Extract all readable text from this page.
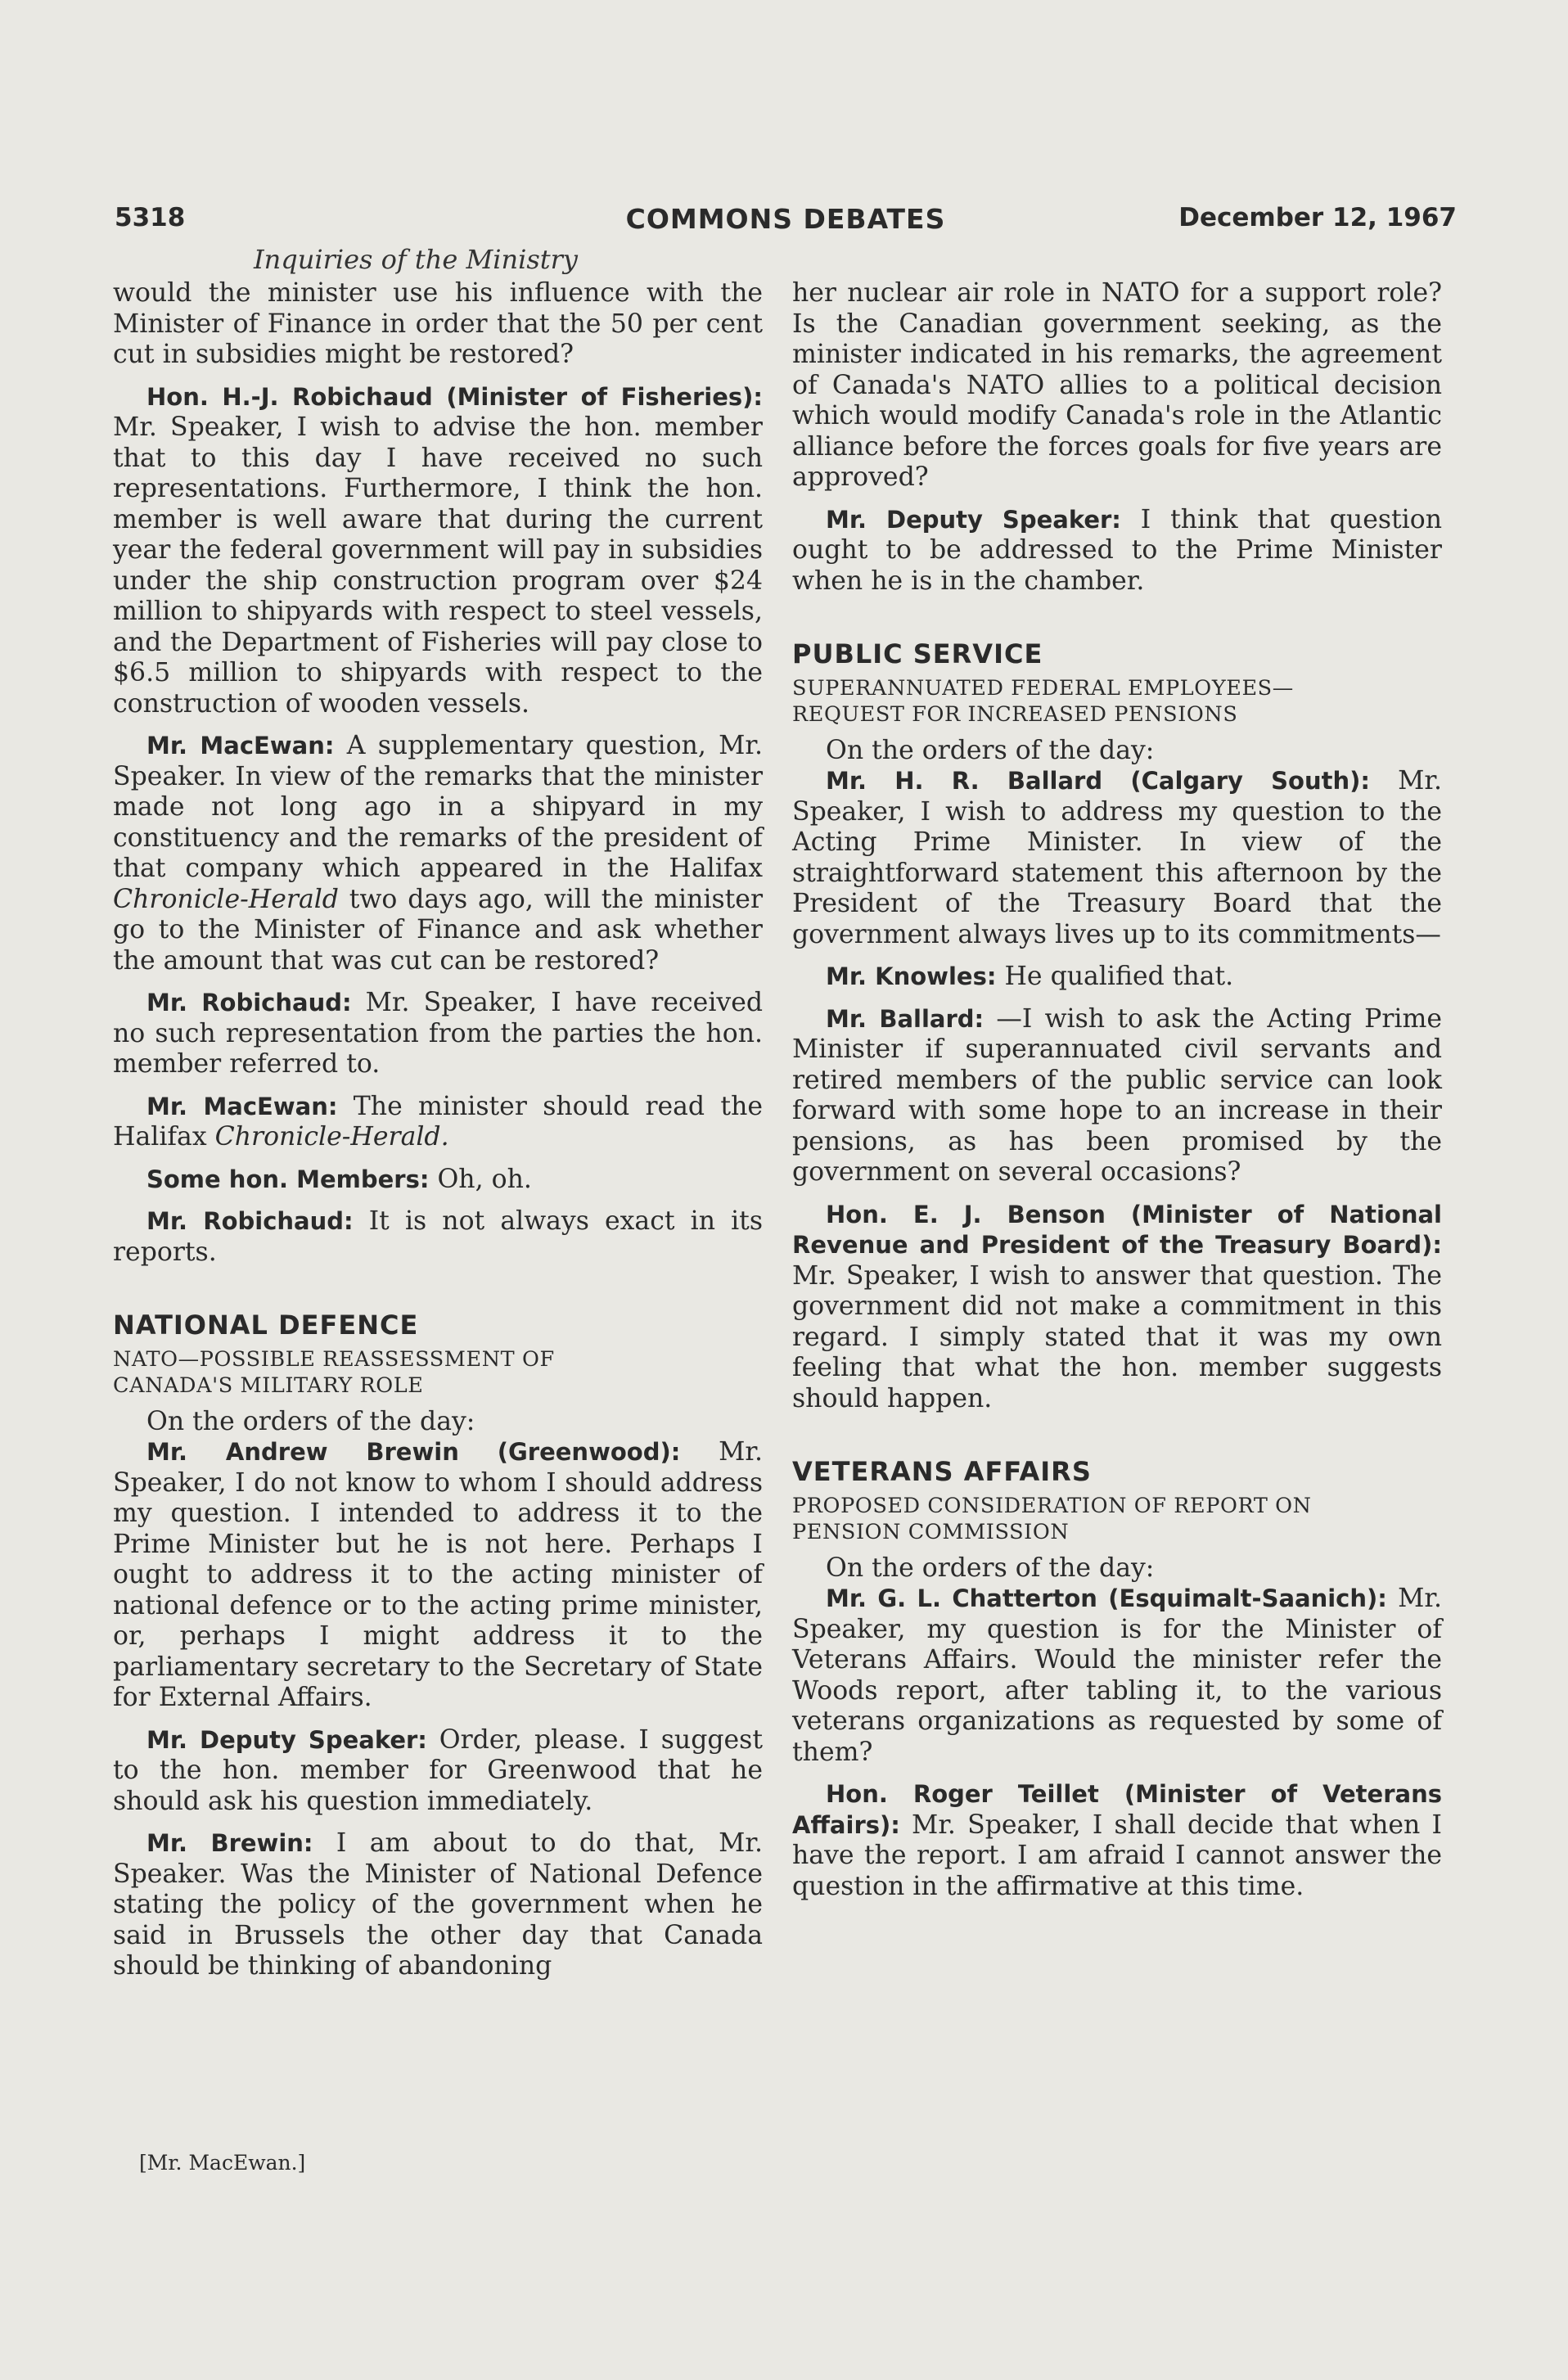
5318	COMMONS DEBATES	December 12, 1967
Inquiries of the Ministry

would the minister use his influence with the Minister of Finance in order that the 50 per cent cut in subsidies might be restored?

Hon. H.-J. Robichaud (Minister of Fisheries): Mr. Speaker, I wish to advise the hon. member that to this day I have received no such representations. Furthermore, I think the hon. member is well aware that during the current year the federal government will pay in subsidies under the ship construction program over $24 million to shipyards with respect to steel vessels, and the Department of Fisheries will pay close to $6.5 million to shipyards with respect to the construction of wooden vessels.

Mr. MacEwan: A supplementary question, Mr. Speaker. In view of the remarks that the minister made not long ago in a shipyard in my constituency and the remarks of the president of that company which appeared in the Halifax Chronicle-Herald two days ago, will the minister go to the Minister of Finance and ask whether the amount that was cut can be restored?

Mr. Robichaud: Mr. Speaker, I have received no such representation from the parties the hon. member referred to.

Mr. MacEwan: The minister should read the Halifax Chronicle-Herald.

Some hon. Members: Oh, oh.

Mr. Robichaud: It is not always exact in its reports.

NATIONAL DEFENCE

NATO—POSSIBLE REASSESSMENT OF
CANADA'S MILITARY ROLE

On the orders of the day:

Mr. Andrew Brewin (Greenwood): Mr. Speaker, I do not know to whom I should address my question. I intended to address it to the Prime Minister but he is not here. Perhaps I ought to address it to the acting minister of national defence or to the acting prime minister, or, perhaps I might address it to the parliamentary secretary to the Secretary of State for External Affairs.

Mr. Deputy Speaker: Order, please. I suggest to the hon. member for Greenwood that he should ask his question immediately.

Mr. Brewin: I am about to do that, Mr. Speaker. Was the Minister of National Defence stating the policy of the government when he said in Brussels the other day that Canada should be thinking of abandoning

her nuclear air role in NATO for a support role? Is the Canadian government seeking, as the minister indicated in his remarks, the agreement of Canada's NATO allies to a political decision which would modify Canada's role in the Atlantic alliance before the forces goals for five years are approved?

Mr. Deputy Speaker: I think that question ought to be addressed to the Prime Minister when he is in the chamber.

PUBLIC SERVICE

SUPERANNUATED FEDERAL EMPLOYEES—
REQUEST FOR INCREASED PENSIONS

On the orders of the day:

Mr. H. R. Ballard (Calgary South): Mr. Speaker, I wish to address my question to the Acting Prime Minister. In view of the straightforward statement this afternoon by the President of the Treasury Board that the government always lives up to its commitments—

Mr. Knowles: He qualified that.

Mr. Ballard: —I wish to ask the Acting Prime Minister if superannuated civil servants and retired members of the public service can look forward with some hope to an increase in their pensions, as has been promised by the government on several occasions?

Hon. E. J. Benson (Minister of National Revenue and President of the Treasury Board): Mr. Speaker, I wish to answer that question. The government did not make a commitment in this regard. I simply stated that it was my own feeling that what the hon. member suggests should happen.

VETERANS AFFAIRS

PROPOSED CONSIDERATION OF REPORT ON
PENSION COMMISSION

On the orders of the day:

Mr. G. L. Chatterton (Esquimalt-Saanich): Mr. Speaker, my question is for the Minister of Veterans Affairs. Would the minister refer the Woods report, after tabling it, to the various veterans organizations as requested by some of them?

Hon. Roger Teillet (Minister of Veterans Affairs): Mr. Speaker, I shall decide that when I have the report. I am afraid I cannot answer the question in the affirmative at this time.

[Mr. MacEwan.]
